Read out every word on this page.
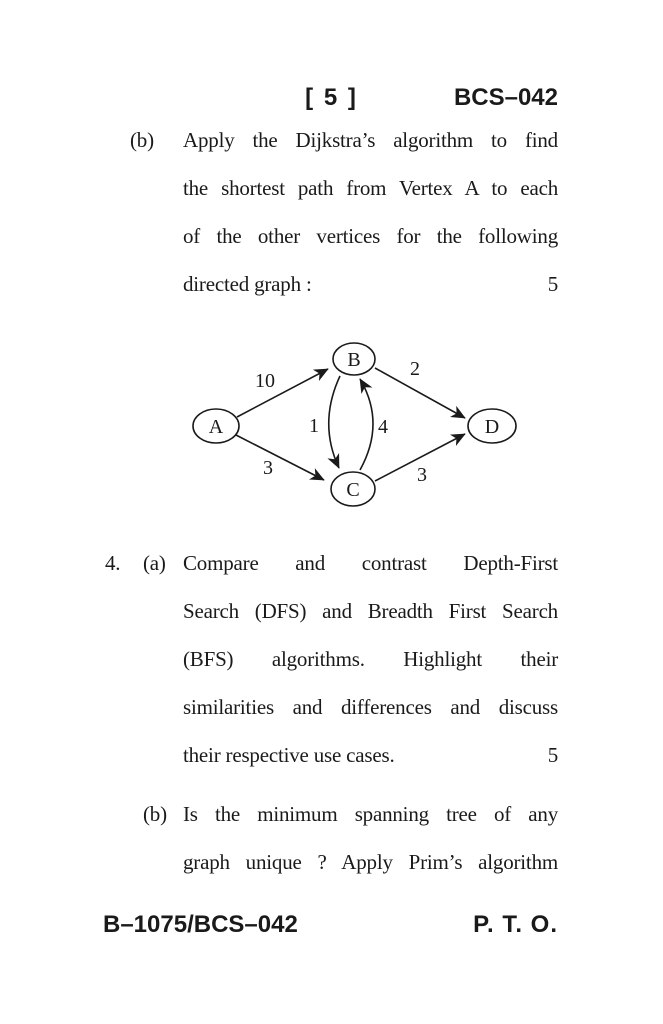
[ 5 ]	BCS–042
(b) Apply the Dijkstra’s algorithm to find
the shortest path from Vertex A to each
of the other vertices for the following
directed graph :	5
A
B
C
D
10
2
1	4
3	3
4. (a) Compare and contrast Depth-First
Search (DFS) and Breadth First Search
(BFS) algorithms. Highlight their
similarities and differences and discuss
their respective use cases.	5
(b) Is the minimum spanning tree of any
graph unique ? Apply Prim’s algorithm
B–1075/BCS–042	P. T. O.
